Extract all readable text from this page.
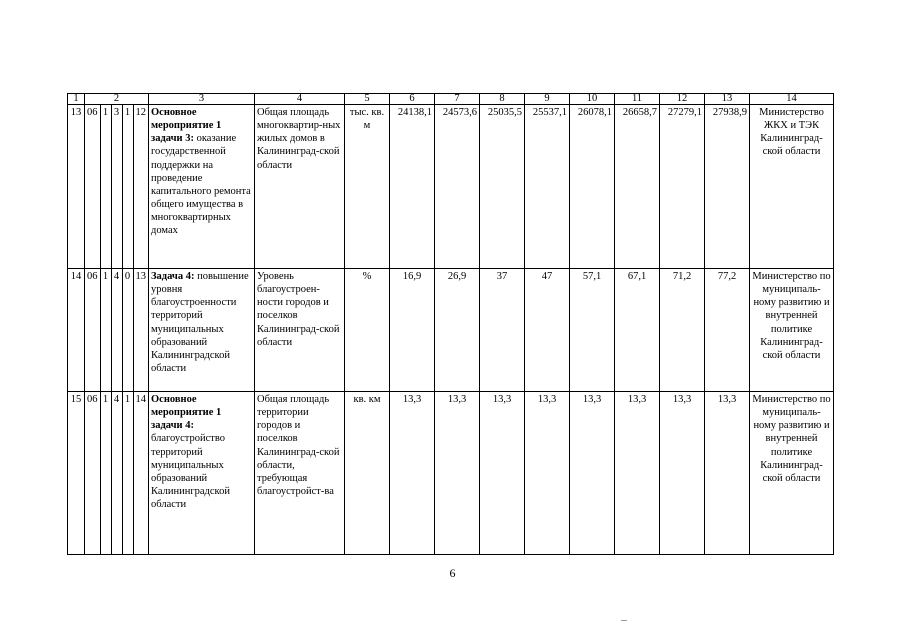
1	2					3	4	5	6	7	8	9	10	11	12	13	14
13	06	1	3	1	12	Основное мероприятие 1 задачи 3: оказание государственной поддержки на проведение капитального ремонта общего имущества в многоквартирных домах	Общая площадь многоквартир-ных жилых домов в Калининград-ской области	тыс. кв. м	24138,1	24573,6	25035,5	25537,1	26078,1	26658,7	27279,1	27938,9	Министерство ЖКХ и ТЭК Калининград-ской области
14	06	1	4	0	13	Задача 4: повышение уровня благоустроенности территорий муниципальных образований Калининградской области	Уровень благоустроен-ности городов и поселков Калининград-ской области	%	16,9	26,9	37	47	57,1	67,1	71,2	77,2	Министерство по муниципаль-ному развитию и внутренней политике Калининград-ской области
15	06	1	4	1	14	Основное мероприятие 1 задачи 4: благоустройство территорий муниципальных образований Калининградской области	Общая площадь территории городов и поселков Калининград-ской области, требующая благоустройст-ва	кв. км	13,3	13,3	13,3	13,3	13,3	13,3	13,3	13,3	Министерство по муниципаль-ному развитию и внутренней политике Калининград-ской области
6
